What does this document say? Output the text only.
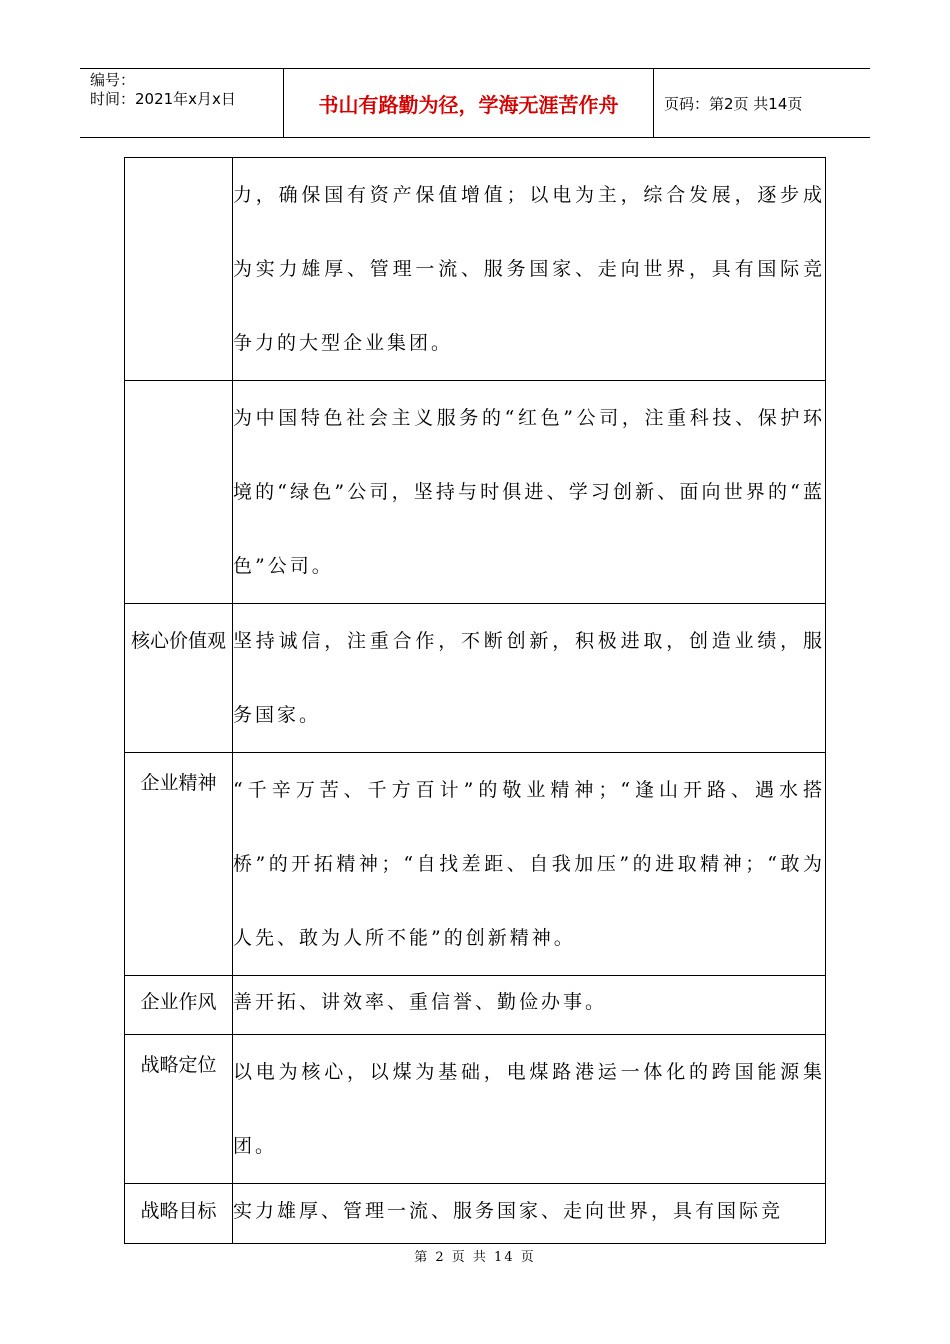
编号：
时间：2021年x月x日	书山有路勤为径，学海无涯苦作舟	页码：第2页 共14页
	力，确保国有资产保值增值；以电为主，综合发展，逐步成为实力雄厚、管理一流、服务国家、走向世界，具有国际竞争力的大型企业集团。
	为中国特色社会主义服务的“红色”公司，注重科技、保护环境的“绿色”公司，坚持与时俱进、学习创新、面向世界的“蓝色”公司。
核心价值观	坚持诚信，注重合作，不断创新，积极进取，创造业绩，服务国家。
企业精神	“千辛万苦、千方百计”的敬业精神；“逢山开路、遇水搭桥”的开拓精神；“自找差距、自我加压”的进取精神；“敢为人先、敢为人所不能”的创新精神。
企业作风	善开拓、讲效率、重信誉、勤俭办事。
战略定位	以电为核心，以煤为基础，电煤路港运一体化的跨国能源集团。
战略目标	实力雄厚、管理一流、服务国家、走向世界，具有国际竞
第 2 页 共 14 页
